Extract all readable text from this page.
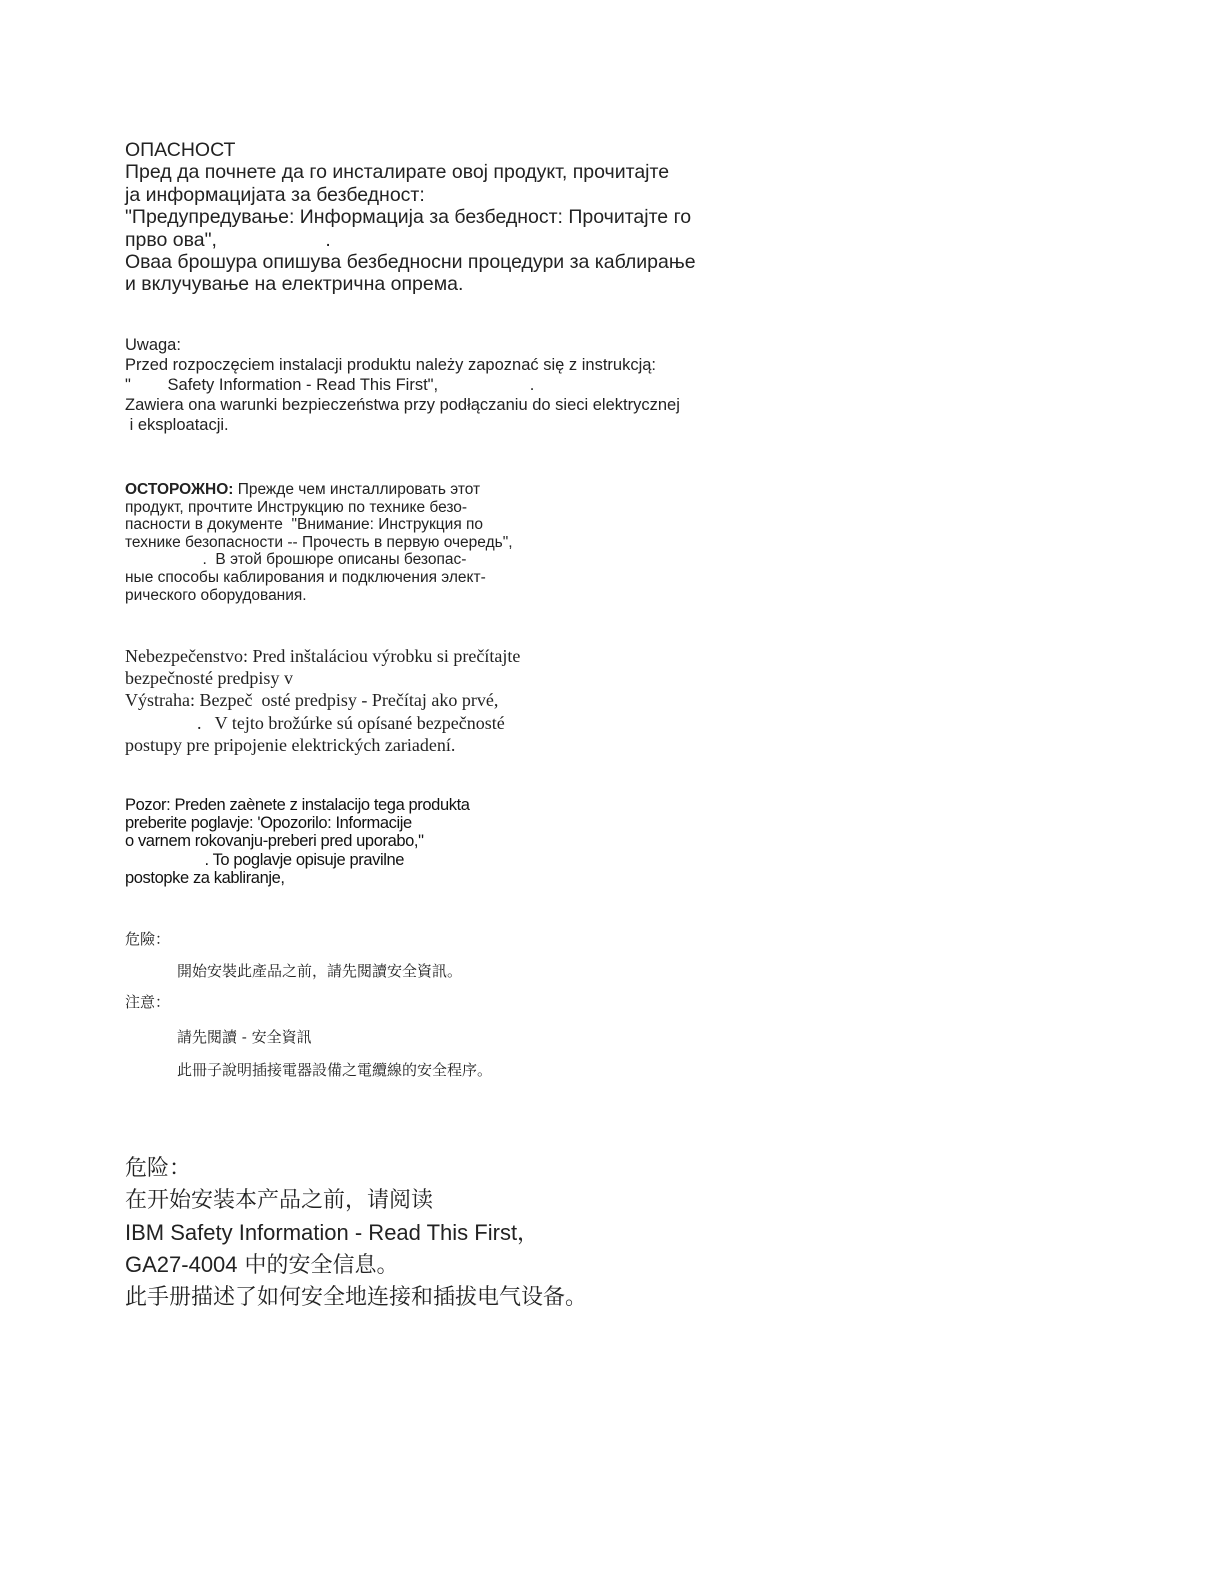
ОПАСНОСТ
Пред да почнете да го инсталирате овој продукт, прочитајте
ја информацијата за безбедност:
"Предупредување: Информација за безбедност: Прочитајте го
прво ова",                    .
Оваа брошура опишува безбедносни процедури за каблирање
и вклучување на електрична опрема.
Uwaga:
Przed rozpoczęciem instalacji produktu należy zapoznać się z instrukcją:
"        Safety Information - Read This First",                    .
Zawiera ona warunki bezpieczeństwa przy podłączaniu do sieci elektrycznej
i eksploatacji.
ОСТОРОЖНО: Прежде чем инсталлировать этот
продукт, прочтите Инструкцию по технике безо-
пасности в документе  "Внимание: Инструкция по
технике безопасности -- Прочесть в первую очередь",
.  В этой брошюре описаны безопас-
ные способы каблирования и подключения элект-
рического оборудования.
Nebezpečenstvo: Pred inštaláciou výrobku si prečítajte
bezpečnosté predpisy v
Výstraha: Bezpeč  osté predpisy - Prečítaj ako prvé,
.   V tejto brožúrke sú opísané bezpečnosté
postupy pre pripojenie elektrických zariadení.
Pozor: Preden zaènete z instalacijo tega produkta
preberite poglavje: 'Opozorilo: Informacije
o varnem rokovanju-preberi pred uporabo,"
. To poglavje opisuje pravilne
postopke za kabliranje,
危險：
開始安裝此產品之前，請先閱讀安全資訊。
注意：
請先閱讀 - 安全資訊
此冊子說明插接電器設備之電纜線的安全程序。
危险：
在开始安装本产品之前，请阅读
IBM Safety Information - Read This First，
GA27-4004 中的安全信息。
此手册描述了如何安全地连接和插拔电气设备。
